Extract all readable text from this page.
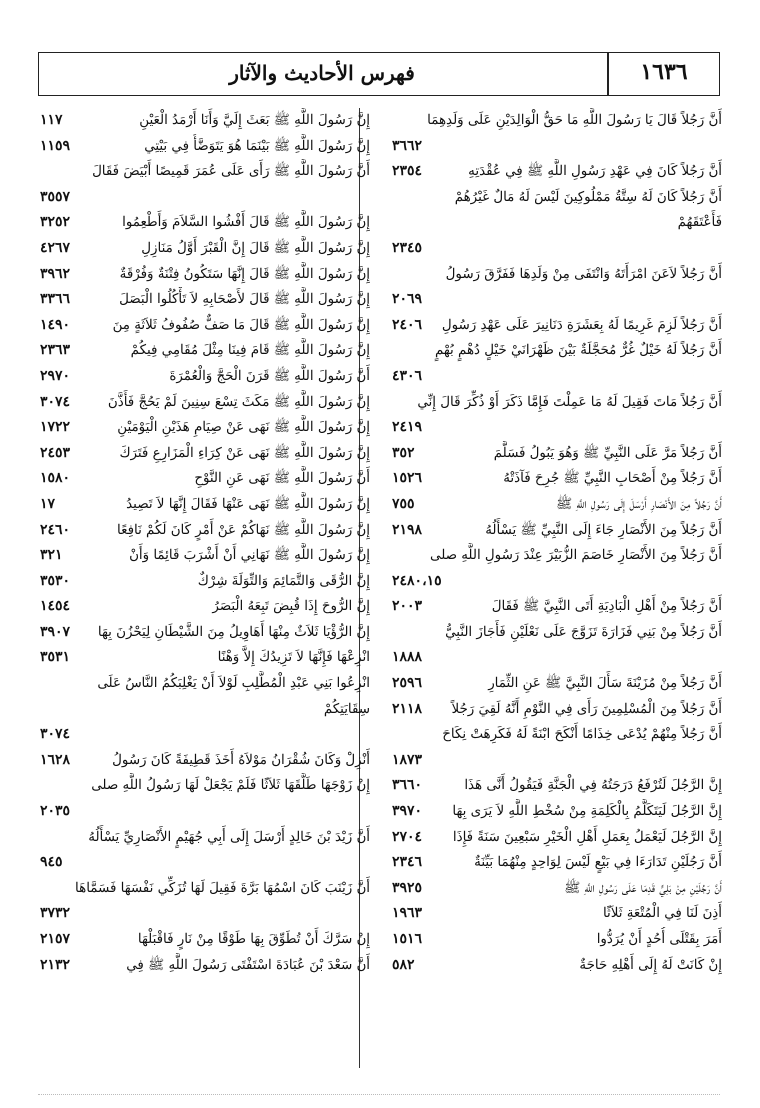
١٦٣٦
فهرس الأحاديث والآثار
أَنَّ رَجُلاً قَالَ يَا رَسُولَ اللَّهِ مَا حَقُّ الْوَالِدَيْنِ عَلَى وَلَدِهِمَا
٣٦٦٢
أَنَّ رَجُلاً كَانَ فِي عَهْدِ رَسُولِ اللَّهِ ﷺ فِي عُقْدَتِهِ
٢٣٥٤
أَنَّ رَجُلاً كَانَ لَهُ سِتَّةُ مَمْلُوكِينَ لَيْسَ لَهُ مَالٌ غَيْرُهُمْ
فَأَعْتَقَهُمْ
٢٣٤٥
أَنَّ رَجُلاً لاَعَنَ امْرَأَتَهُ وَانْتَفَى مِنْ وَلَدِهَا فَفَرَّقَ رَسُولُ
٢٠٦٩
أَنَّ رَجُلاً لَزِمَ غَرِيمًا لَهُ بِعَشَرَةِ دَنَانِيرَ عَلَى عَهْدِ رَسُولِ
٢٤٠٦
أَنَّ رَجُلاً لَهُ خَيْلٌ غُرٌّ مُحَجَّلَةٌ بَيْنَ ظَهْرَانَيْ خَيْلٍ دُهْمٍ بُهْمٍ
٤٣٠٦
أَنَّ رَجُلاً مَاتَ فَقِيلَ لَهُ مَا عَمِلْتَ فَإِمَّا ذَكَرَ أَوْ ذُكِّرَ قَالَ إِنِّي
٢٤١٩
أَنَّ رَجُلاً مَرَّ عَلَى النَّبِيِّ ﷺ وَهُوَ يَبُولُ فَسَلَّمَ
٣٥٢
أَنَّ رَجُلاً مِنْ أَصْحَابِ النَّبِيِّ ﷺ جُرِحَ فَآذَتْهُ
١٥٢٦
أَنَّ رَجُلاً مِنَ الأَنْصَارِ أَرْسَلَ إِلَى رَسُولِ اللَّهِ ﷺ
٧٥٥
أَنَّ رَجُلاً مِنَ الأَنْصَارِ جَاءَ إِلَى النَّبِيِّ ﷺ يَسْأَلُهُ
٢١٩٨
أَنَّ رَجُلاً مِنَ الأَنْصَارِ خَاصَمَ الزُّبَيْرَ عِنْدَ رَسُولِ اللَّهِ صلى
٢٤٨٠،١٥
أَنَّ رَجُلاً مِنْ أَهْلِ الْبَادِيَةِ أَتَى النَّبِيَّ ﷺ فَقَالَ
٢٠٠٣
أَنَّ رَجُلاً مِنْ بَنِي فَزَارَةَ تَزَوَّجَ عَلَى نَعْلَيْنِ فَأَجَازَ النَّبِيُّ
١٨٨٨
أَنَّ رَجُلاً مِنْ مُزَيْنَةَ سَأَلَ النَّبِيَّ ﷺ عَنِ الثِّمَارِ
٢٥٩٦
أَنَّ رَجُلاً مِنَ الْمُسْلِمِينَ رَأَى فِي النَّوْمِ أَنَّهُ لَقِيَ رَجُلاً
٢١١٨
أَنَّ رَجُلاً مِنْهُمْ يُدْعَى خِذَامًا أَنْكَحَ ابْنَةً لَهُ فَكَرِهَتْ نِكَاحَ
١٨٧٣
إِنَّ الرَّجُلَ لَتُرْفَعُ دَرَجَتُهُ فِي الْجَنَّةِ فَيَقُولُ أَنَّى هَذَا
٣٦٦٠
إِنَّ الرَّجُلَ لَيَتَكَلَّمُ بِالْكَلِمَةِ مِنْ سُخْطِ اللَّهِ لاَ يَرَى بِهَا
٣٩٧٠
إِنَّ الرَّجُلَ لَيَعْمَلُ بِعَمَلِ أَهْلِ الْخَيْرِ سَبْعِينَ سَنَةً فَإِذَا
٢٧٠٤
أَنَّ رَجُلَيْنِ تَدَارَءَا فِي بَيْعٍ لَيْسَ لِوَاحِدٍ مِنْهُمَا بَيِّنَةٌ
٢٣٤٦
أَنَّ رَجُلَيْنِ مِنْ بَلِيٍّ قَدِمَا عَلَى رَسُولِ اللَّهِ ﷺ
٣٩٢٥
أَذِنَ لَنَا فِي الْمُتْعَةِ ثَلاَثًا
١٩٦٣
أَمَرَ بِقَتْلَى أُحُدٍ أَنْ يُرَدُّوا
١٥١٦
إِنْ كَانَتْ لَهُ إِلَى أَهْلِهِ حَاجَةٌ
٥٨٢
إِنَّ رَسُولَ اللَّهِ ﷺ بَعَثَ إِلَيَّ وَأَنَا أَرْمَدُ الْعَيْنِ
١١٧
إِنَّ رَسُولَ اللَّهِ ﷺ بَيْنَمَا هُوَ يَتَوَضَّأُ فِي بَيْتِي
١١٥٩
أَنَّ رَسُولَ اللَّهِ ﷺ رَأَى عَلَى عُمَرَ قَمِيصًا أَبْيَضَ فَقَالَ
٣٥٥٧
إِنَّ رَسُولَ اللَّهِ ﷺ قَالَ أَفْشُوا السَّلاَمَ وَأَطْعِمُوا
٣٢٥٢
إِنَّ رَسُولَ اللَّهِ ﷺ قَالَ إِنَّ الْقَبْرَ أَوَّلُ مَنَازِلِ
٤٢٦٧
إِنَّ رَسُولَ اللَّهِ ﷺ قَالَ إِنَّهَا سَتَكُونُ فِتْنَةٌ وَفُرْقَةٌ
٣٩٦٢
إِنَّ رَسُولَ اللَّهِ ﷺ قَالَ لأَصْحَابِهِ لاَ تَأْكُلُوا الْبَصَلَ
٣٣٦٦
إِنَّ رَسُولَ اللَّهِ ﷺ قَالَ مَا صَفٌّ صُفُوفُ ثَلاَثَةٍ مِنَ
١٤٩٠
إِنَّ رَسُولَ اللَّهِ ﷺ قَامَ فِينَا مِثْلَ مُقَامِي فِيكُمْ
٢٣٦٣
أَنَّ رَسُولَ اللَّهِ ﷺ قَرَنَ الْحَجَّ وَالْعُمْرَةَ
٢٩٧٠
إِنَّ رَسُولَ اللَّهِ ﷺ مَكَثَ تِسْعَ سِنِينَ لَمْ يَحُجَّ فَأَذَّنَ
٣٠٧٤
إِنَّ رَسُولَ اللَّهِ ﷺ نَهَى عَنْ صِيَامِ هَذَيْنِ الْيَوْمَيْنِ
١٧٢٢
إِنَّ رَسُولَ اللَّهِ ﷺ نَهَى عَنْ كِرَاءِ الْمَزَارِعِ فَتَرَكَ
٢٤٥٣
أَنَّ رَسُولَ اللَّهِ ﷺ نَهَى عَنِ النَّوْحِ
١٥٨٠
إِنَّ رَسُولَ اللَّهِ ﷺ نَهَى عَنْهَا فَقَالَ إِنَّهَا لاَ تَصِيدُ
١٧
إِنَّ رَسُولَ اللَّهِ ﷺ نَهَاكُمْ عَنْ أَمْرٍ كَانَ لَكُمْ نَافِعًا
٢٤٦٠
إِنَّ رَسُولَ اللَّهِ ﷺ نَهَانِي أَنْ أَشْرَبَ قَائِمًا وَأَنْ
٣٢١
إِنَّ الرُّقَى وَالتَّمَائِمَ وَالتِّوَلَةَ شِرْكٌ
٣٥٣٠
إِنَّ الرُّوحَ إِذَا قُبِضَ تَبِعَهُ الْبَصَرُ
١٤٥٤
إِنَّ الرُّؤْيَا ثَلاَثٌ مِنْهَا أَهَاوِيلُ مِنَ الشَّيْطَانِ لِيَحْزُنَ بِهَا
٣٩٠٧
انْزِعْهَا فَإِنَّهَا لاَ تَزِيدُكَ إِلاَّ وَهْنًا
٣٥٣١
انْزِعُوا بَنِي عَبْدِ الْمُطَّلِبِ لَوْلاَ أَنْ يَغْلِبَكُمُ النَّاسُ عَلَى
سِقَايَتِكُمْ
٣٠٧٤
أَنْزِلْ وَكَانَ شُقْرَانُ مَوْلاَهُ أَخَذَ قَطِيفَةً كَانَ رَسُولُ
١٦٢٨
إِنْ زَوْجَهَا طَلَّقَهَا ثَلاَثًا فَلَمْ يَجْعَلْ لَهَا رَسُولُ اللَّهِ صلى
٢٠٣٥
أَنَّ زَيْدَ بْنَ خَالِدٍ أَرْسَلَ إِلَى أَبِي جُهَيْمٍ الأَنْصَارِيِّ يَسْأَلُهُ
٩٤٥
أَنَّ زَيْنَبَ كَانَ اسْمُهَا بَرَّةَ فَقِيلَ لَهَا تُزَكِّي نَفْسَهَا فَسَمَّاهَا
٣٧٣٢
إِنْ سَرَّكَ أَنْ تُطَوِّقَ بِهَا طَوْقًا مِنْ نَارٍ فَاقْبَلْهَا
٢١٥٧
أَنَّ سَعْدَ بْنَ عُبَادَةَ اسْتَفْتَى رَسُولَ اللَّهِ ﷺ فِي
٢١٣٢
